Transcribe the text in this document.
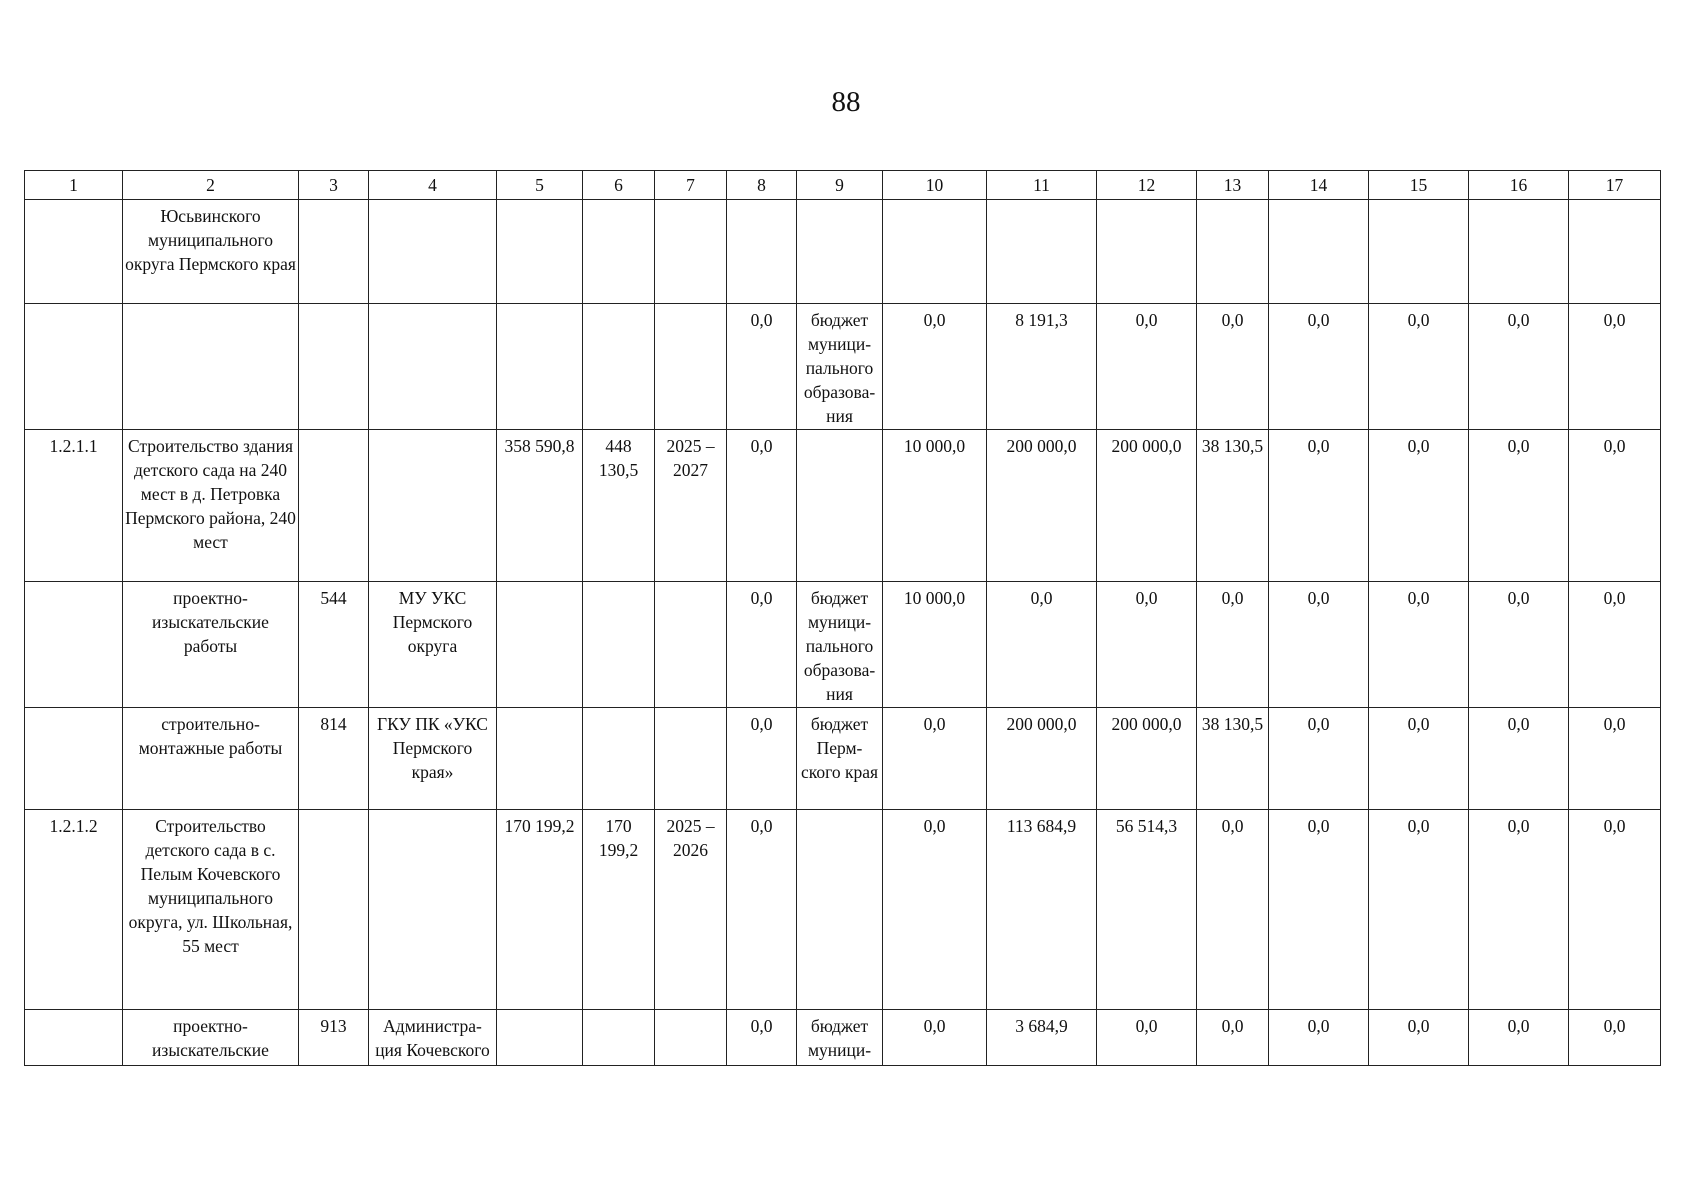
88
1	2	3	4	5	6	7	8	9	10	11	12	13	14	15	16	17
	Юсьвинского муниципального округа Пермского края															
							0,0	бюджет муници-пального образова-ния	0,0	8 191,3	0,0	0,0	0,0	0,0	0,0	0,0
1.2.1.1	Строительство здания детского сада на 240 мест в д. Петровка Пермского района, 240 мест			358 590,8	448 130,5	2025 – 2027	0,0		10 000,0	200 000,0	200 000,0	38 130,5	0,0	0,0	0,0	0,0
	проектно-изыскательские работы	544	МУ УКС Пермского округа				0,0	бюджет муници-пального образова-ния	10 000,0	0,0	0,0	0,0	0,0	0,0	0,0	0,0
	строительно-монтажные работы	814	ГКУ ПК «УКС Пермского края»				0,0	бюджет Перм-ского края	0,0	200 000,0	200 000,0	38 130,5	0,0	0,0	0,0	0,0
1.2.1.2	Строительство детского сада в с. Пелым Кочевского муниципального округа, ул. Школьная, 55 мест			170 199,2	170 199,2	2025 – 2026	0,0		0,0	113 684,9	56 514,3	0,0	0,0	0,0	0,0	0,0
	проектно-изыскательские	913	Администра-ция Кочевского				0,0	бюджет муници-	0,0	3 684,9	0,0	0,0	0,0	0,0	0,0	0,0
